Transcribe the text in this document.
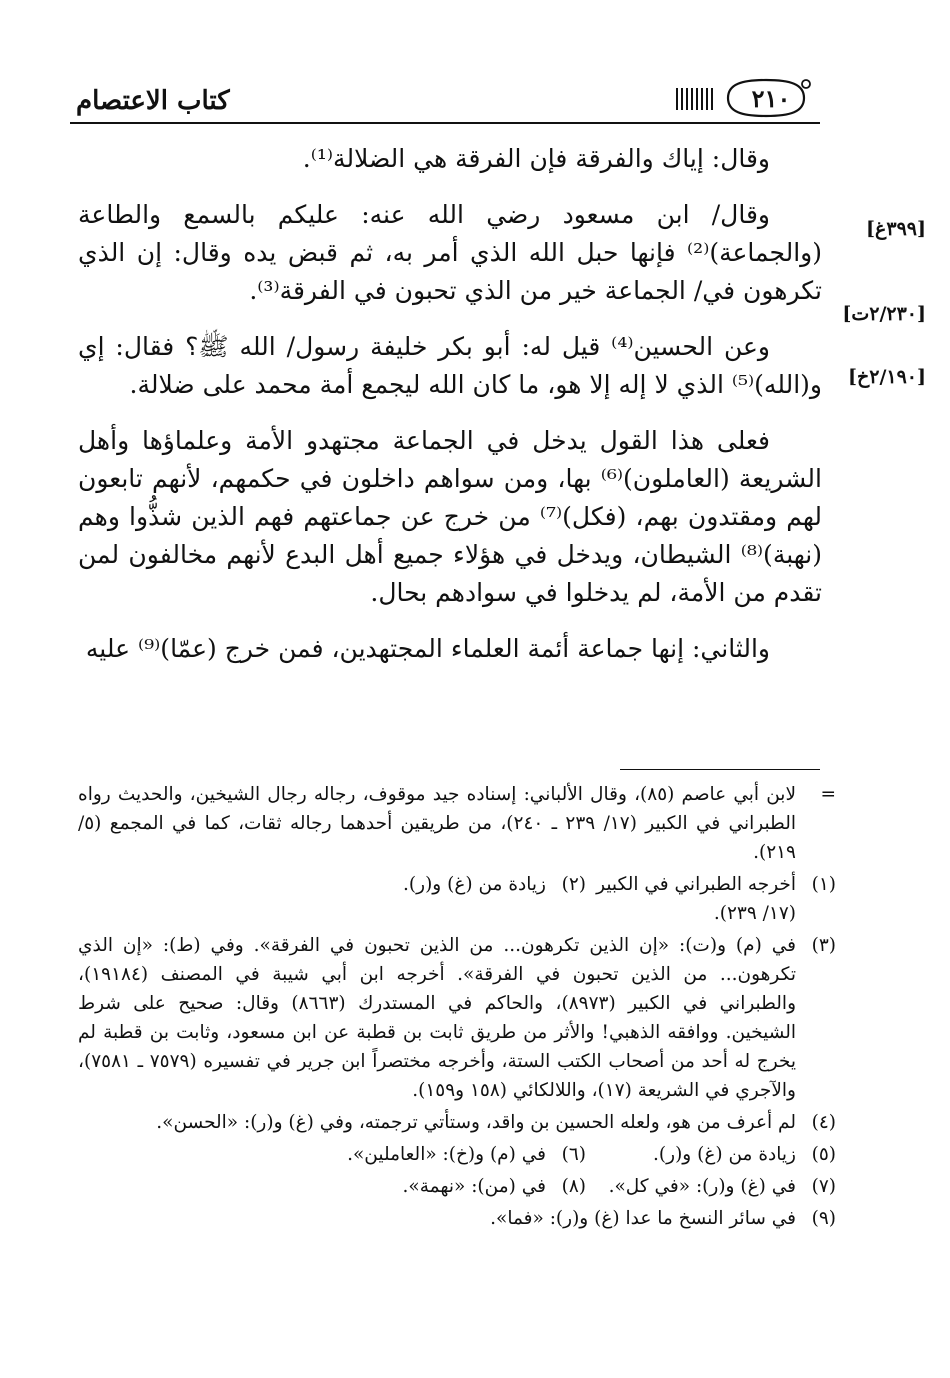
كتاب الاعتصام	٢١٠
[٣٩٩غ]
[٢/٢٣٠ت]
[٢/١٩٠خ]

وقال: إياك والفرقة فإن الفرقة هي الضلالة⁽¹⁾.

وقال/ ابن مسعود رضي الله عنه: عليكم بالسمع والطاعة (والجماعة)⁽²⁾ فإنها حبل الله الذي أمر به، ثم قبض يده وقال: إن الذي تكرهون في/ الجماعة خير من الذي تحبون في الفرقة⁽³⁾.

وعن الحسين⁽⁴⁾ قيل له: أبو بكر خليفة رسول/ الله ﷺ؟ فقال: إي و(الله)⁽⁵⁾ الذي لا إله إلا هو، ما كان الله ليجمع أمة محمد على ضلالة.

فعلى هذا القول يدخل في الجماعة مجتهدو الأمة وعلماؤها وأهل الشريعة (العاملون)⁽⁶⁾ بها، ومن سواهم داخلون في حكمهم، لأنهم تابعون لهم ومقتدون بهم، (فكل)⁽⁷⁾ من خرج عن جماعتهم فهم الذين شذُّوا وهم (نهبة)⁽⁸⁾ الشيطان، ويدخل في هؤلاء جميع أهل البدع لأنهم مخالفون لمن تقدم من الأمة، لم يدخلوا في سوادهم بحال.

والثاني: إنها جماعة أئمة العلماء المجتهدين، فمن خرج (عمّا)⁽⁹⁾ عليه

=
لابن أبي عاصم (٨٥)، وقال الألباني: إسناده جيد موقوف، رجاله رجال الشيخين، والحديث رواه الطبراني في الكبير (١٧/ ٢٣٩ ـ ٢٤٠)، من طريقين أحدهما رجاله ثقات، كما في المجمع (٥/ ٢١٩).
(١)
أخرجه الطبراني في الكبير (١٧/ ٢٣٩).
(٢)
زيادة من (غ) و(ر).
(٣)
في (م) و(ت): «إن الذين تكرهون... من الذين تحبون في الفرقة». وفي (ط): «إن الذي تكرهون... من الذين تحبون في الفرقة». أخرجه ابن أبي شيبة في المصنف (١٩١٨٤)، والطبراني في الكبير (٨٩٧٣)، والحاكم في المستدرك (٨٦٦٣) وقال: صحيح على شرط الشيخين. ووافقه الذهبي! والأثر من طريق ثابت بن قطبة عن ابن مسعود، وثابت بن قطبة لم يخرج له أحد من أصحاب الكتب الستة، وأخرجه مختصراً ابن جرير في تفسيره (٧٥٧٩ ـ ٧٥٨١)، والآجري في الشريعة (١٧)، واللالكائي (١٥٨ و١٥٩).
(٤)
لم أعرف من هو، ولعله الحسين بن واقد، وستأتي ترجمته، وفي (غ) و(ر): «الحسن».
(٥)
زيادة من (غ) و(ر).
(٦)
في (م) و(خ): «العاملين».
(٧)
في (غ) و(ر): «في كل».
(٨)
في (من): «نهمة».
(٩)
في سائر النسخ ما عدا (غ) و(ر): «فما».
